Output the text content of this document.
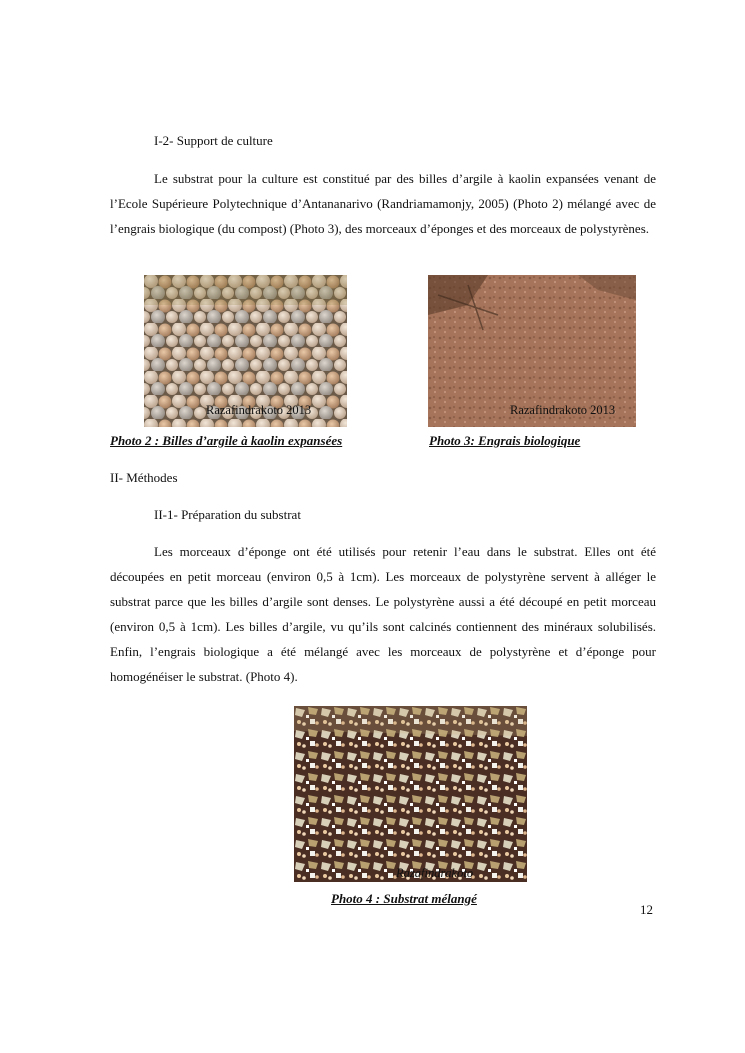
I-2- Support de culture

Le substrat pour la culture est constitué par des billes d’argile à kaolin expansées venant de l’Ecole Supérieure Polytechnique d’Antananarivo (Randriamamonjy, 2005) (Photo 2) mélangé avec de l’engrais biologique (du compost) (Photo 3), des morceaux d’éponges et des morceaux de polystyrènes.

Razafindrakoto 2013	Razafindrakoto 2013
Photo 2 : Billes d’argile à kaolin expansées	Photo 3: Engrais biologique
II- Méthodes
II-1- Préparation du substrat

Les morceaux d’éponge ont été utilisés pour retenir l’eau dans le substrat. Elles ont été découpées en petit morceau (environ 0,5 à 1cm). Les morceaux de polystyrène servent à alléger le substrat parce que les billes d’argile sont denses. Le polystyrène aussi a été découpé en petit morceau (environ 0,5 à 1cm). Les billes d’argile, vu qu’ils sont calcinés contiennent des minéraux solubilisés. Enfin, l’engrais biologique a été mélangé avec les morceaux de polystyrène et d’éponge pour homogénéiser le substrat. (Photo 4).

Razafindrakoto
Photo 4 : Substrat mélangé
12
